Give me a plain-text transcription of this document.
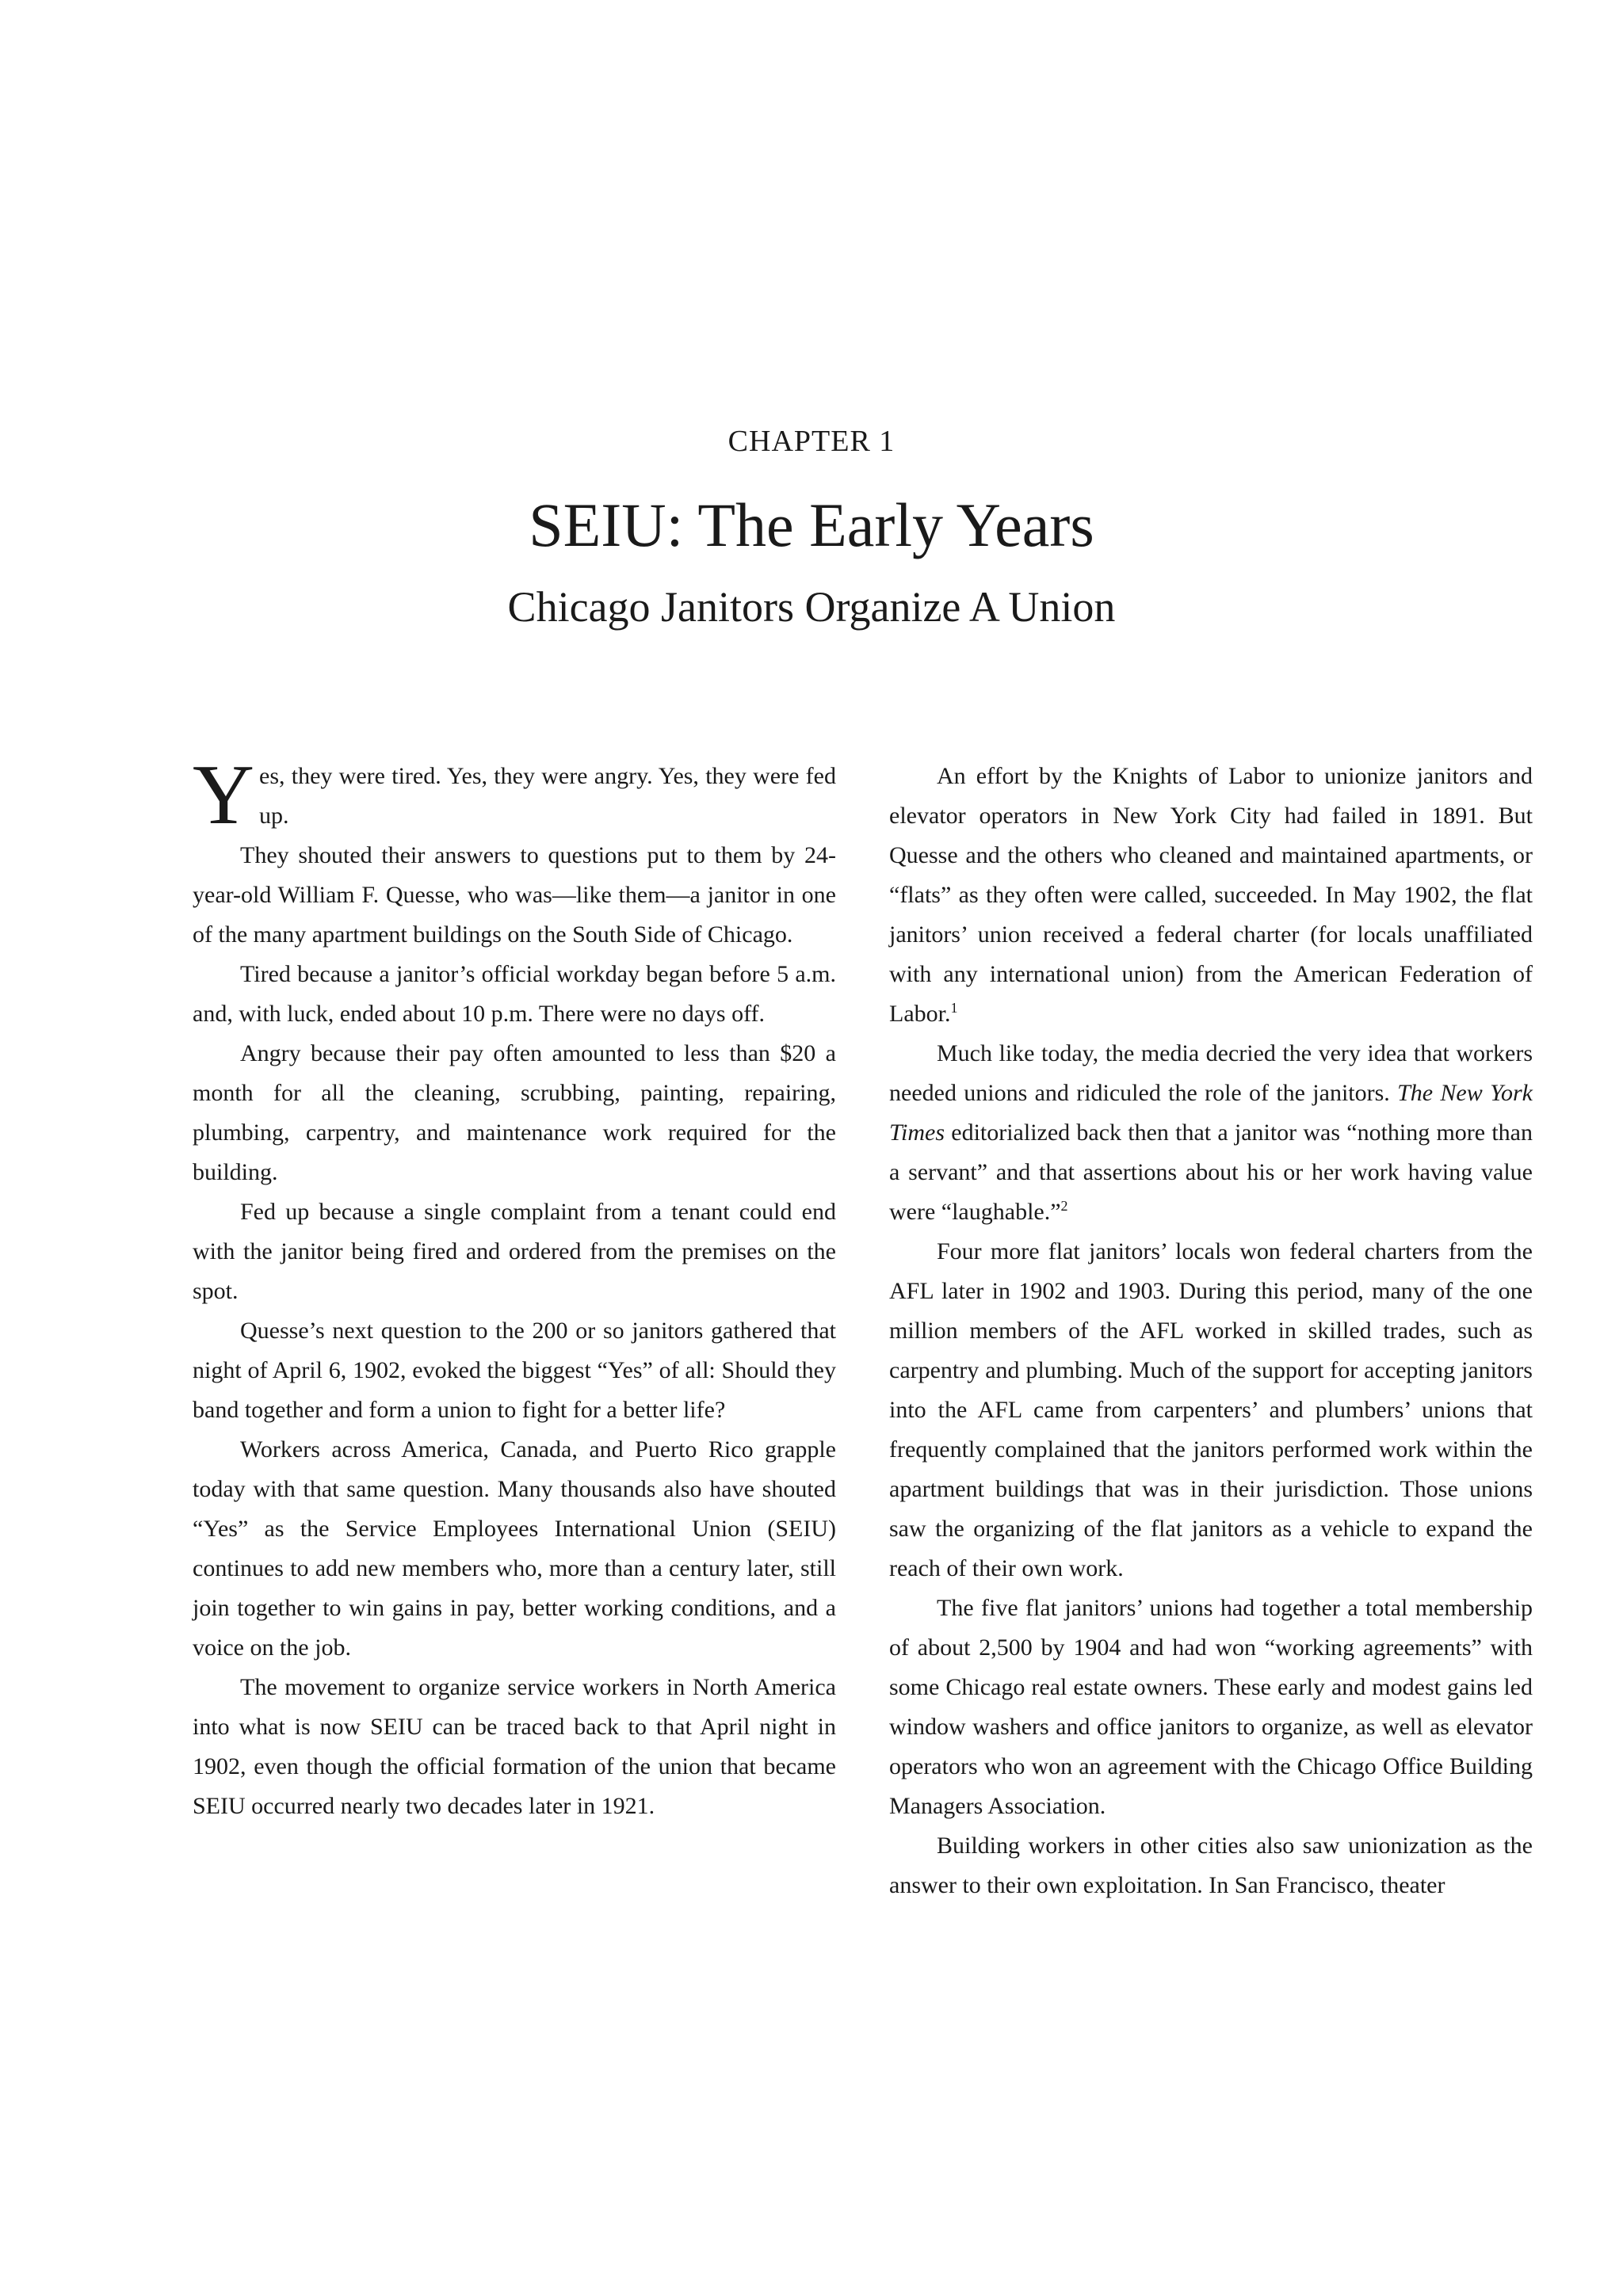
CHAPTER 1
SEIU: The Early Years
Chicago Janitors Organize A Union

Yes, they were tired. Yes, they were angry. Yes, they were fed up.

They shouted their answers to questions put to them by 24-year-old William F. Quesse, who was—like them—a janitor in one of the many apartment buildings on the South Side of Chicago.

Tired because a janitor’s official workday began before 5 a.m. and, with luck, ended about 10 p.m. There were no days off.

Angry because their pay often amounted to less than $20 a month for all the cleaning, scrubbing, painting, repairing, plumbing, carpentry, and maintenance work required for the building.

Fed up because a single complaint from a tenant could end with the janitor being fired and ordered from the premises on the spot.

Quesse’s next question to the 200 or so janitors gathered that night of April 6, 1902, evoked the biggest “Yes” of all: Should they band together and form a union to fight for a better life?

Workers across America, Canada, and Puerto Rico grapple today with that same question. Many thousands also have shouted “Yes” as the Service Employees International Union (SEIU) continues to add new members who, more than a century later, still join together to win gains in pay, better working conditions, and a voice on the job.

The movement to organize service workers in North America into what is now SEIU can be traced back to that April night in 1902, even though the official formation of the union that became SEIU occurred nearly two decades later in 1921.

An effort by the Knights of Labor to unionize janitors and elevator operators in New York City had failed in 1891. But Quesse and the others who cleaned and maintained apartments, or “flats” as they often were called, succeeded. In May 1902, the flat janitors’ union received a federal charter (for locals unaffiliated with any international union) from the American Federation of Labor.$^1$

Much like today, the media decried the very idea that workers needed unions and ridiculed the role of the janitors. The New York Times editorialized back then that a janitor was “nothing more than a servant” and that assertions about his or her work having value were “laughable.”$^2$

Four more flat janitors’ locals won federal charters from the AFL later in 1902 and 1903. During this period, many of the one million members of the AFL worked in skilled trades, such as carpentry and plumbing. Much of the support for accepting janitors into the AFL came from carpenters’ and plumbers’ unions that frequently complained that the janitors performed work within the apartment buildings that was in their jurisdiction. Those unions saw the organizing of the flat janitors as a vehicle to expand the reach of their own work.

The five flat janitors’ unions had together a total membership of about 2,500 by 1904 and had won “working agreements” with some Chicago real estate owners. These early and modest gains led window washers and office janitors to organize, as well as elevator operators who won an agreement with the Chicago Office Building Managers Association.

Building workers in other cities also saw unionization as the answer to their own exploitation. In San Francisco, theater
